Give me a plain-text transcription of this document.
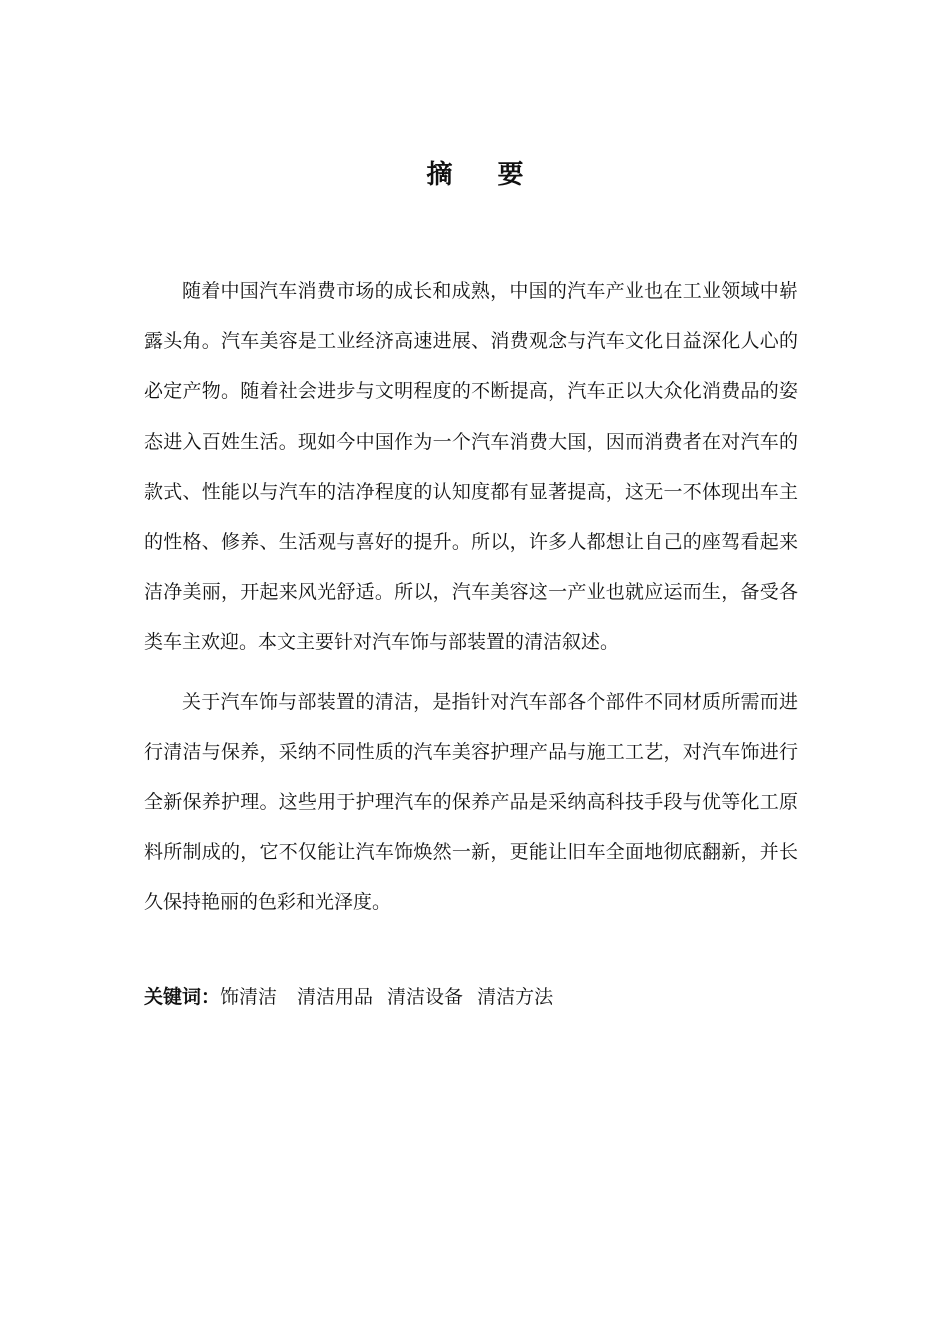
摘 要

随着中国汽车消费市场的成长和成熟，中国的汽车产业也在工业领域中崭露头角。汽车美容是工业经济高速进展、消费观念与汽车文化日益深化人心的必定产物。随着社会进步与文明程度的不断提高，汽车正以大众化消费品的姿态进入百姓生活。现如今中国作为一个汽车消费大国，因而消费者在对汽车的款式、性能以与汽车的洁净程度的认知度都有显著提高，这无一不体现出车主的性格、修养、生活观与喜好的提升。所以，许多人都想让自己的座驾看起来洁净美丽，开起来风光舒适。所以，汽车美容这一产业也就应运而生，备受各类车主欢迎。本文主要针对汽车饰与部装置的清洁叙述。

关于汽车饰与部装置的清洁，是指针对汽车部各个部件不同材质所需而进行清洁与保养，采纳不同性质的汽车美容护理产品与施工工艺，对汽车饰进行全新保养护理。这些用于护理汽车的保养产品是采纳高科技手段与优等化工原料所制成的，它不仅能让汽车饰焕然一新，更能让旧车全面地彻底翻新，并长久保持艳丽的色彩和光泽度。

关键词：饰清洁 清洁用品 清洁设备 清洁方法
